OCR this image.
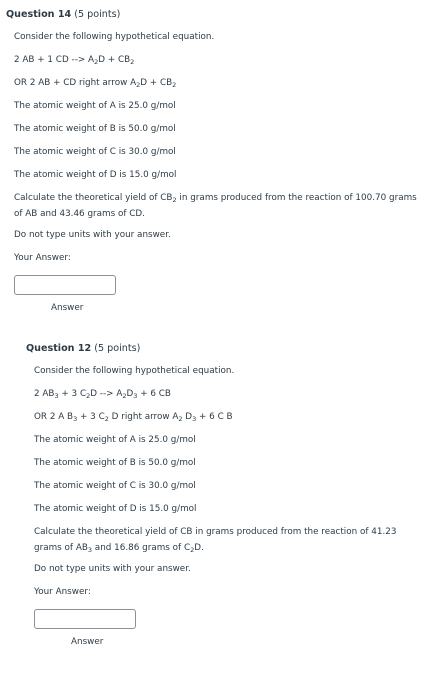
Question 14 (5 points)
Consider the following hypothetical equation.
2 AB + 1 CD --> $A_2D + CB_2$
OR 2 AB + CD right arrow $A_2D + CB_2$
The atomic weight of A is 25.0 g/mol
The atomic weight of B is 50.0 g/mol
The atomic weight of C is 30.0 g/mol
The atomic weight of D is 15.0 g/mol
Calculate the theoretical yield of $CB_2$ in grams produced from the reaction of 100.70 grams of AB and 43.46 grams of CD.
Do not type units with your answer.
Your Answer:
Answer
Question 12 (5 points)
Consider the following hypothetical equation.
2 $AB_3 + 3$ $C_2D$ --> $A_2D_3 + 6$ CB
OR 2 A $B_3 + 3$ $C_2$ D right arrow $A_2$ $D_3 + 6$ C B
The atomic weight of A is 25.0 g/mol
The atomic weight of B is 50.0 g/mol
The atomic weight of C is 30.0 g/mol
The atomic weight of D is 15.0 g/mol
Calculate the theoretical yield of CB in grams produced from the reaction of 41.23 grams of $AB_3$ and 16.86 grams of $C_2D$.
Do not type units with your answer.
Your Answer:
Answer
